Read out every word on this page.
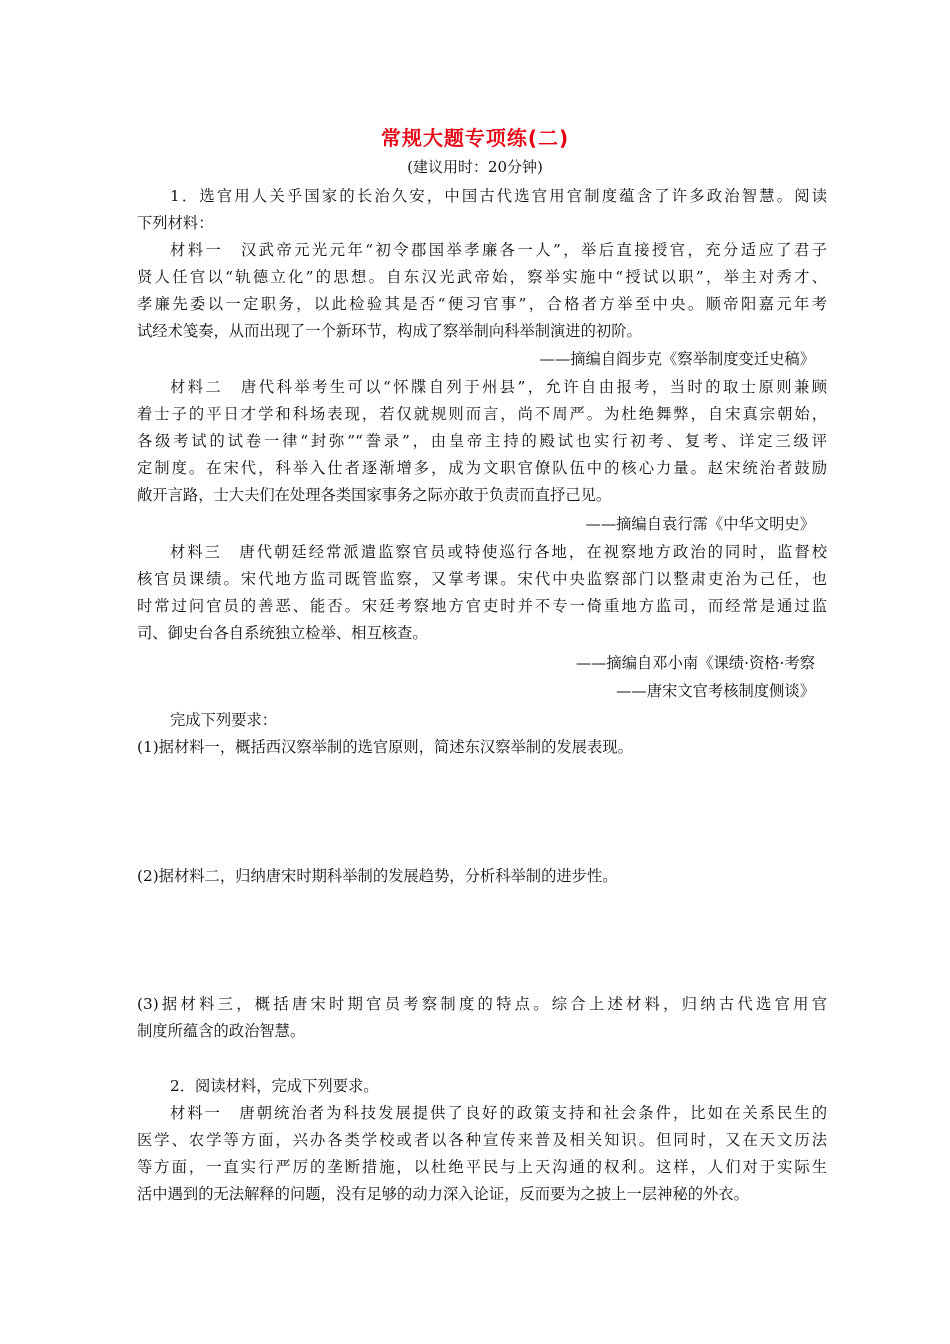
常规大题专项练(二)
(建议用时：20分钟)
1．选官用人关乎国家的长治久安，中国古代选官用官制度蕴含了许多政治智慧。阅读
下列材料：
材料一　汉武帝元光元年“初令郡国举孝廉各一人”，举后直接授官，充分适应了君子
贤人任官以“轨德立化”的思想。自东汉光武帝始，察举实施中“授试以职”，举主对秀才、
孝廉先委以一定职务，以此检验其是否“便习官事”，合格者方举至中央。顺帝阳嘉元年考
试经术笺奏，从而出现了一个新环节，构成了察举制向科举制演进的初阶。
——摘编自阎步克《察举制度变迁史稿》
材料二　唐代科举考生可以“怀牒自列于州县”，允许自由报考，当时的取士原则兼顾
着士子的平日才学和科场表现，若仅就规则而言，尚不周严。为杜绝舞弊，自宋真宗朝始，
各级考试的试卷一律“封弥”“誊录”，由皇帝主持的殿试也实行初考、复考、详定三级评
定制度。在宋代，科举入仕者逐渐增多，成为文职官僚队伍中的核心力量。赵宋统治者鼓励
敞开言路，士大夫们在处理各类国家事务之际亦敢于负责而直抒己见。
——摘编自袁行霈《中华文明史》
材料三　唐代朝廷经常派遣监察官员或特使巡行各地，在视察地方政治的同时，监督校
核官员课绩。宋代地方监司既管监察，又掌考课。宋代中央监察部门以整肃吏治为己任，也
时常过问官员的善恶、能否。宋廷考察地方官吏时并不专一倚重地方监司，而经常是通过监
司、御史台各自系统独立检举、相互核查。
——摘编自邓小南《课绩·资格·考察
——唐宋文官考核制度侧谈》
完成下列要求：
(1)据材料一，概括西汉察举制的选官原则，简述东汉察举制的发展表现。
(2)据材料二，归纳唐宋时期科举制的发展趋势，分析科举制的进步性。
(3)据材料三，概括唐宋时期官员考察制度的特点。综合上述材料，归纳古代选官用官
制度所蕴含的政治智慧。
2．阅读材料，完成下列要求。
材料一　唐朝统治者为科技发展提供了良好的政策支持和社会条件，比如在关系民生的
医学、农学等方面，兴办各类学校或者以各种宣传来普及相关知识。但同时，又在天文历法
等方面，一直实行严厉的垄断措施，以杜绝平民与上天沟通的权利。这样，人们对于实际生
活中遇到的无法解释的问题，没有足够的动力深入论证，反而要为之披上一层神秘的外衣。
